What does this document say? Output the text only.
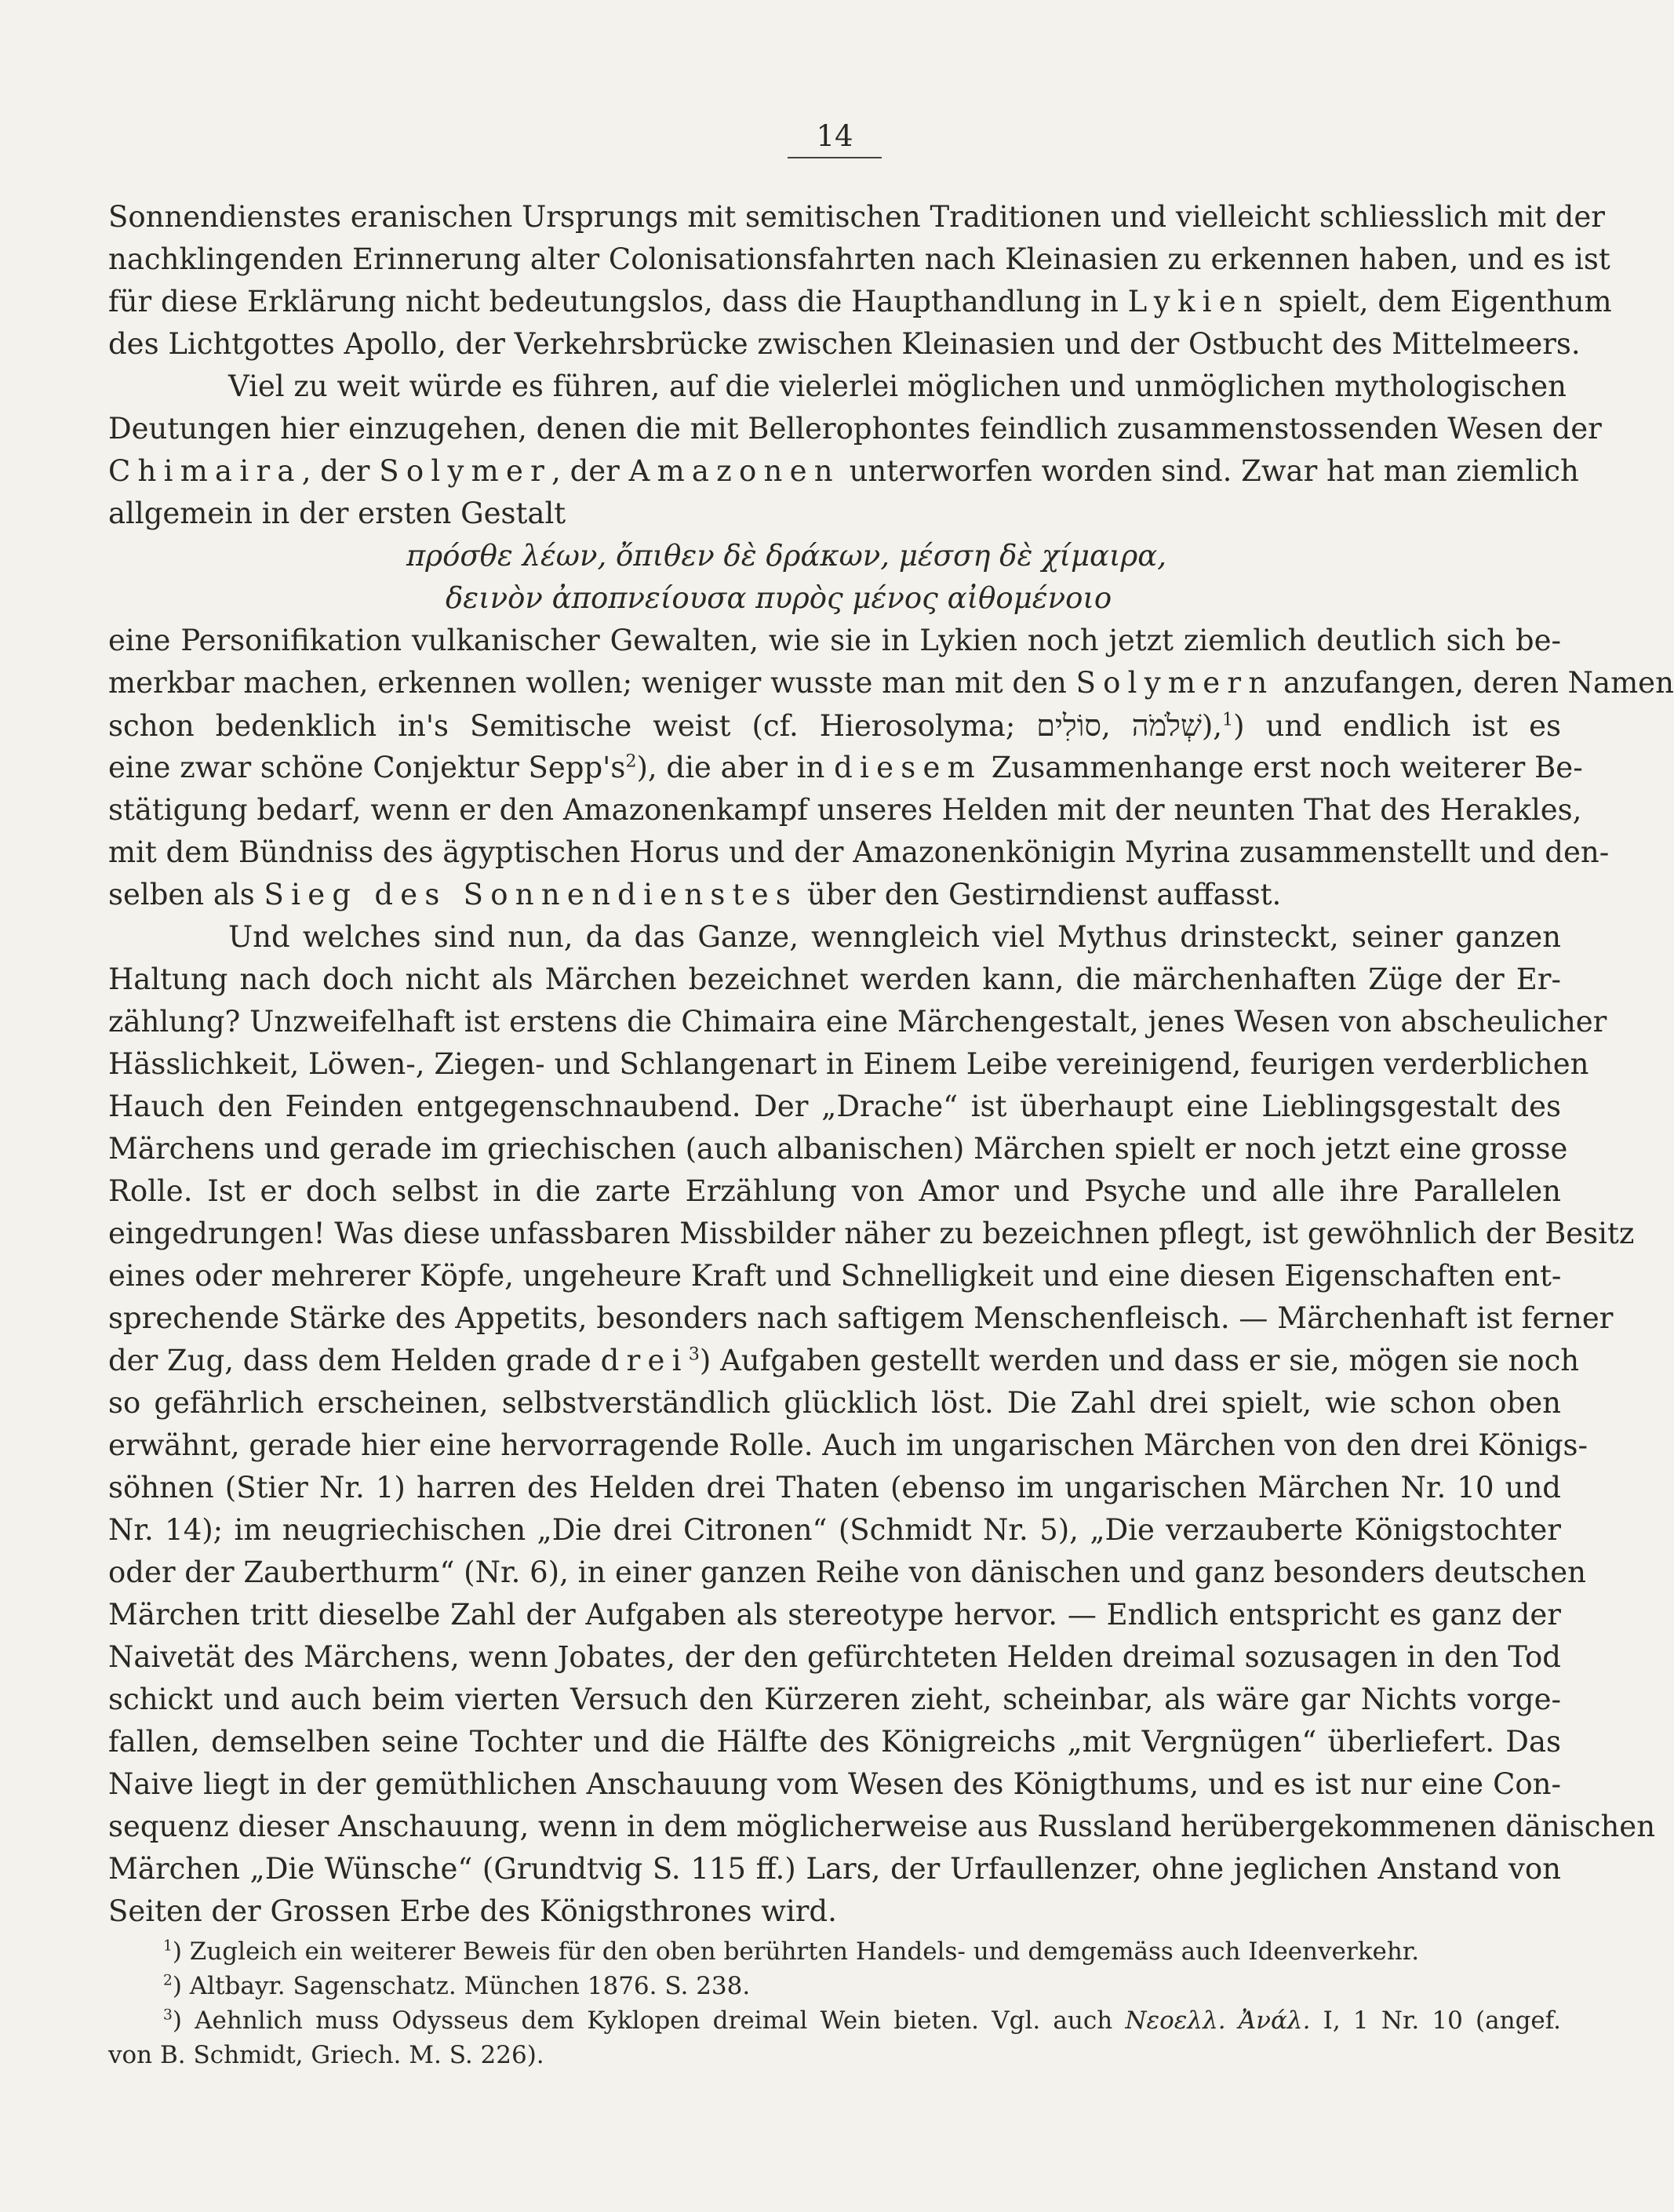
14
Sonnendienstes eranischen Ursprungs mit semitischen Traditionen und vielleicht schliesslich mit der
nachklingenden Erinnerung alter Colonisationsfahrten nach Kleinasien zu erkennen haben, und es ist
für diese Erklärung nicht bedeutungslos, dass die Haupthandlung in Lykien spielt, dem Eigenthum
des Lichtgottes Apollo, der Verkehrsbrücke zwischen Kleinasien und der Ostbucht des Mittelmeers.
Viel zu weit würde es führen, auf die vielerlei möglichen und unmöglichen mythologischen
Deutungen hier einzugehen, denen die mit Bellerophontes feindlich zusammenstossenden Wesen der
Chimaira, der Solymer, der Amazonen unterworfen worden sind. Zwar hat man ziemlich
allgemein in der ersten Gestalt
πρόσθε λέων, ὄπιθεν δὲ δράκων, μέσση δὲ χίμαιρα,
δεινὸν ἀποπνείουσα πυρὸς μένος αἰθομένοιο
eine Personifikation vulkanischer Gewalten, wie sie in Lykien noch jetzt ziemlich deutlich sich be-
merkbar machen, erkennen wollen; weniger wusste man mit den Solymern anzufangen, deren Namen
schon bedenklich in's Semitische weist (cf. Hierosolyma; סוֹלִים, שְׁלֹמֹה),$^1$) und endlich ist es
eine zwar schöne Conjektur $Sepp's^2$), die aber in diesem Zusammenhange erst noch weiterer Be-
stätigung bedarf, wenn er den Amazonenkampf unseres Helden mit der neunten That des Herakles,
mit dem Bündniss des ägyptischen Horus und der Amazonenkönigin Myrina zusammenstellt und den-
selben als Sieg des Sonnendienstes über den Gestirndienst auffasst.
Und welches sind nun, da das Ganze, wenngleich viel Mythus drinsteckt, seiner ganzen
Haltung nach doch nicht als Märchen bezeichnet werden kann, die märchenhaften Züge der Er-
zählung? Unzweifelhaft ist erstens die Chimaira eine Märchengestalt, jenes Wesen von abscheulicher
Hässlichkeit, Löwen-, Ziegen- und Schlangenart in Einem Leibe vereinigend, feurigen verderblichen
Hauch den Feinden entgegenschnaubend. Der „Drache“ ist überhaupt eine Lieblingsgestalt des
Märchens und gerade im griechischen (auch albanischen) Märchen spielt er noch jetzt eine grosse
Rolle. Ist er doch selbst in die zarte Erzählung von Amor und Psyche und alle ihre Parallelen
eingedrungen! Was diese unfassbaren Missbilder näher zu bezeichnen pflegt, ist gewöhnlich der Besitz
eines oder mehrerer Köpfe, ungeheure Kraft und Schnelligkeit und eine diesen Eigenschaften ent-
sprechende Stärke des Appetits, besonders nach saftigem Menschenfleisch. — Märchenhaft ist ferner
der Zug, dass dem Helden grade drei$^3$) Aufgaben gestellt werden und dass er sie, mögen sie noch
so gefährlich erscheinen, selbstverständlich glücklich löst. Die Zahl drei spielt, wie schon oben
erwähnt, gerade hier eine hervorragende Rolle. Auch im ungarischen Märchen von den drei Königs-
söhnen (Stier Nr. 1) harren des Helden drei Thaten (ebenso im ungarischen Märchen Nr. 10 und
Nr. 14); im neugriechischen „Die drei Citronen“ (Schmidt Nr. 5), „Die verzauberte Königstochter
oder der Zauberthurm“ (Nr. 6), in einer ganzen Reihe von dänischen und ganz besonders deutschen
Märchen tritt dieselbe Zahl der Aufgaben als stereotype hervor. — Endlich entspricht es ganz der
Naivetät des Märchens, wenn Jobates, der den gefürchteten Helden dreimal sozusagen in den Tod
schickt und auch beim vierten Versuch den Kürzeren zieht, scheinbar, als wäre gar Nichts vorge-
fallen, demselben seine Tochter und die Hälfte des Königreichs „mit Vergnügen“ überliefert. Das
Naive liegt in der gemüthlichen Anschauung vom Wesen des Königthums, und es ist nur eine Con-
sequenz dieser Anschauung, wenn in dem möglicherweise aus Russland herübergekommenen dänischen
Märchen „Die Wünsche“ (Grundtvig S. 115 ff.) Lars, der Urfaullenzer, ohne jeglichen Anstand von
Seiten der Grossen Erbe des Königsthrones wird.
$^1$) Zugleich ein weiterer Beweis für den oben berührten Handels- und demgemäss auch Ideenverkehr.
$^2$) Altbayr. Sagenschatz. München 1876. S. 238.
$^3$) Aehnlich muss Odysseus dem Kyklopen dreimal Wein bieten. Vgl. auch Νεοελλ. Ἀνάλ. I, 1 Nr. 10 (angef.
von B. Schmidt, Griech. M. S. 226).
